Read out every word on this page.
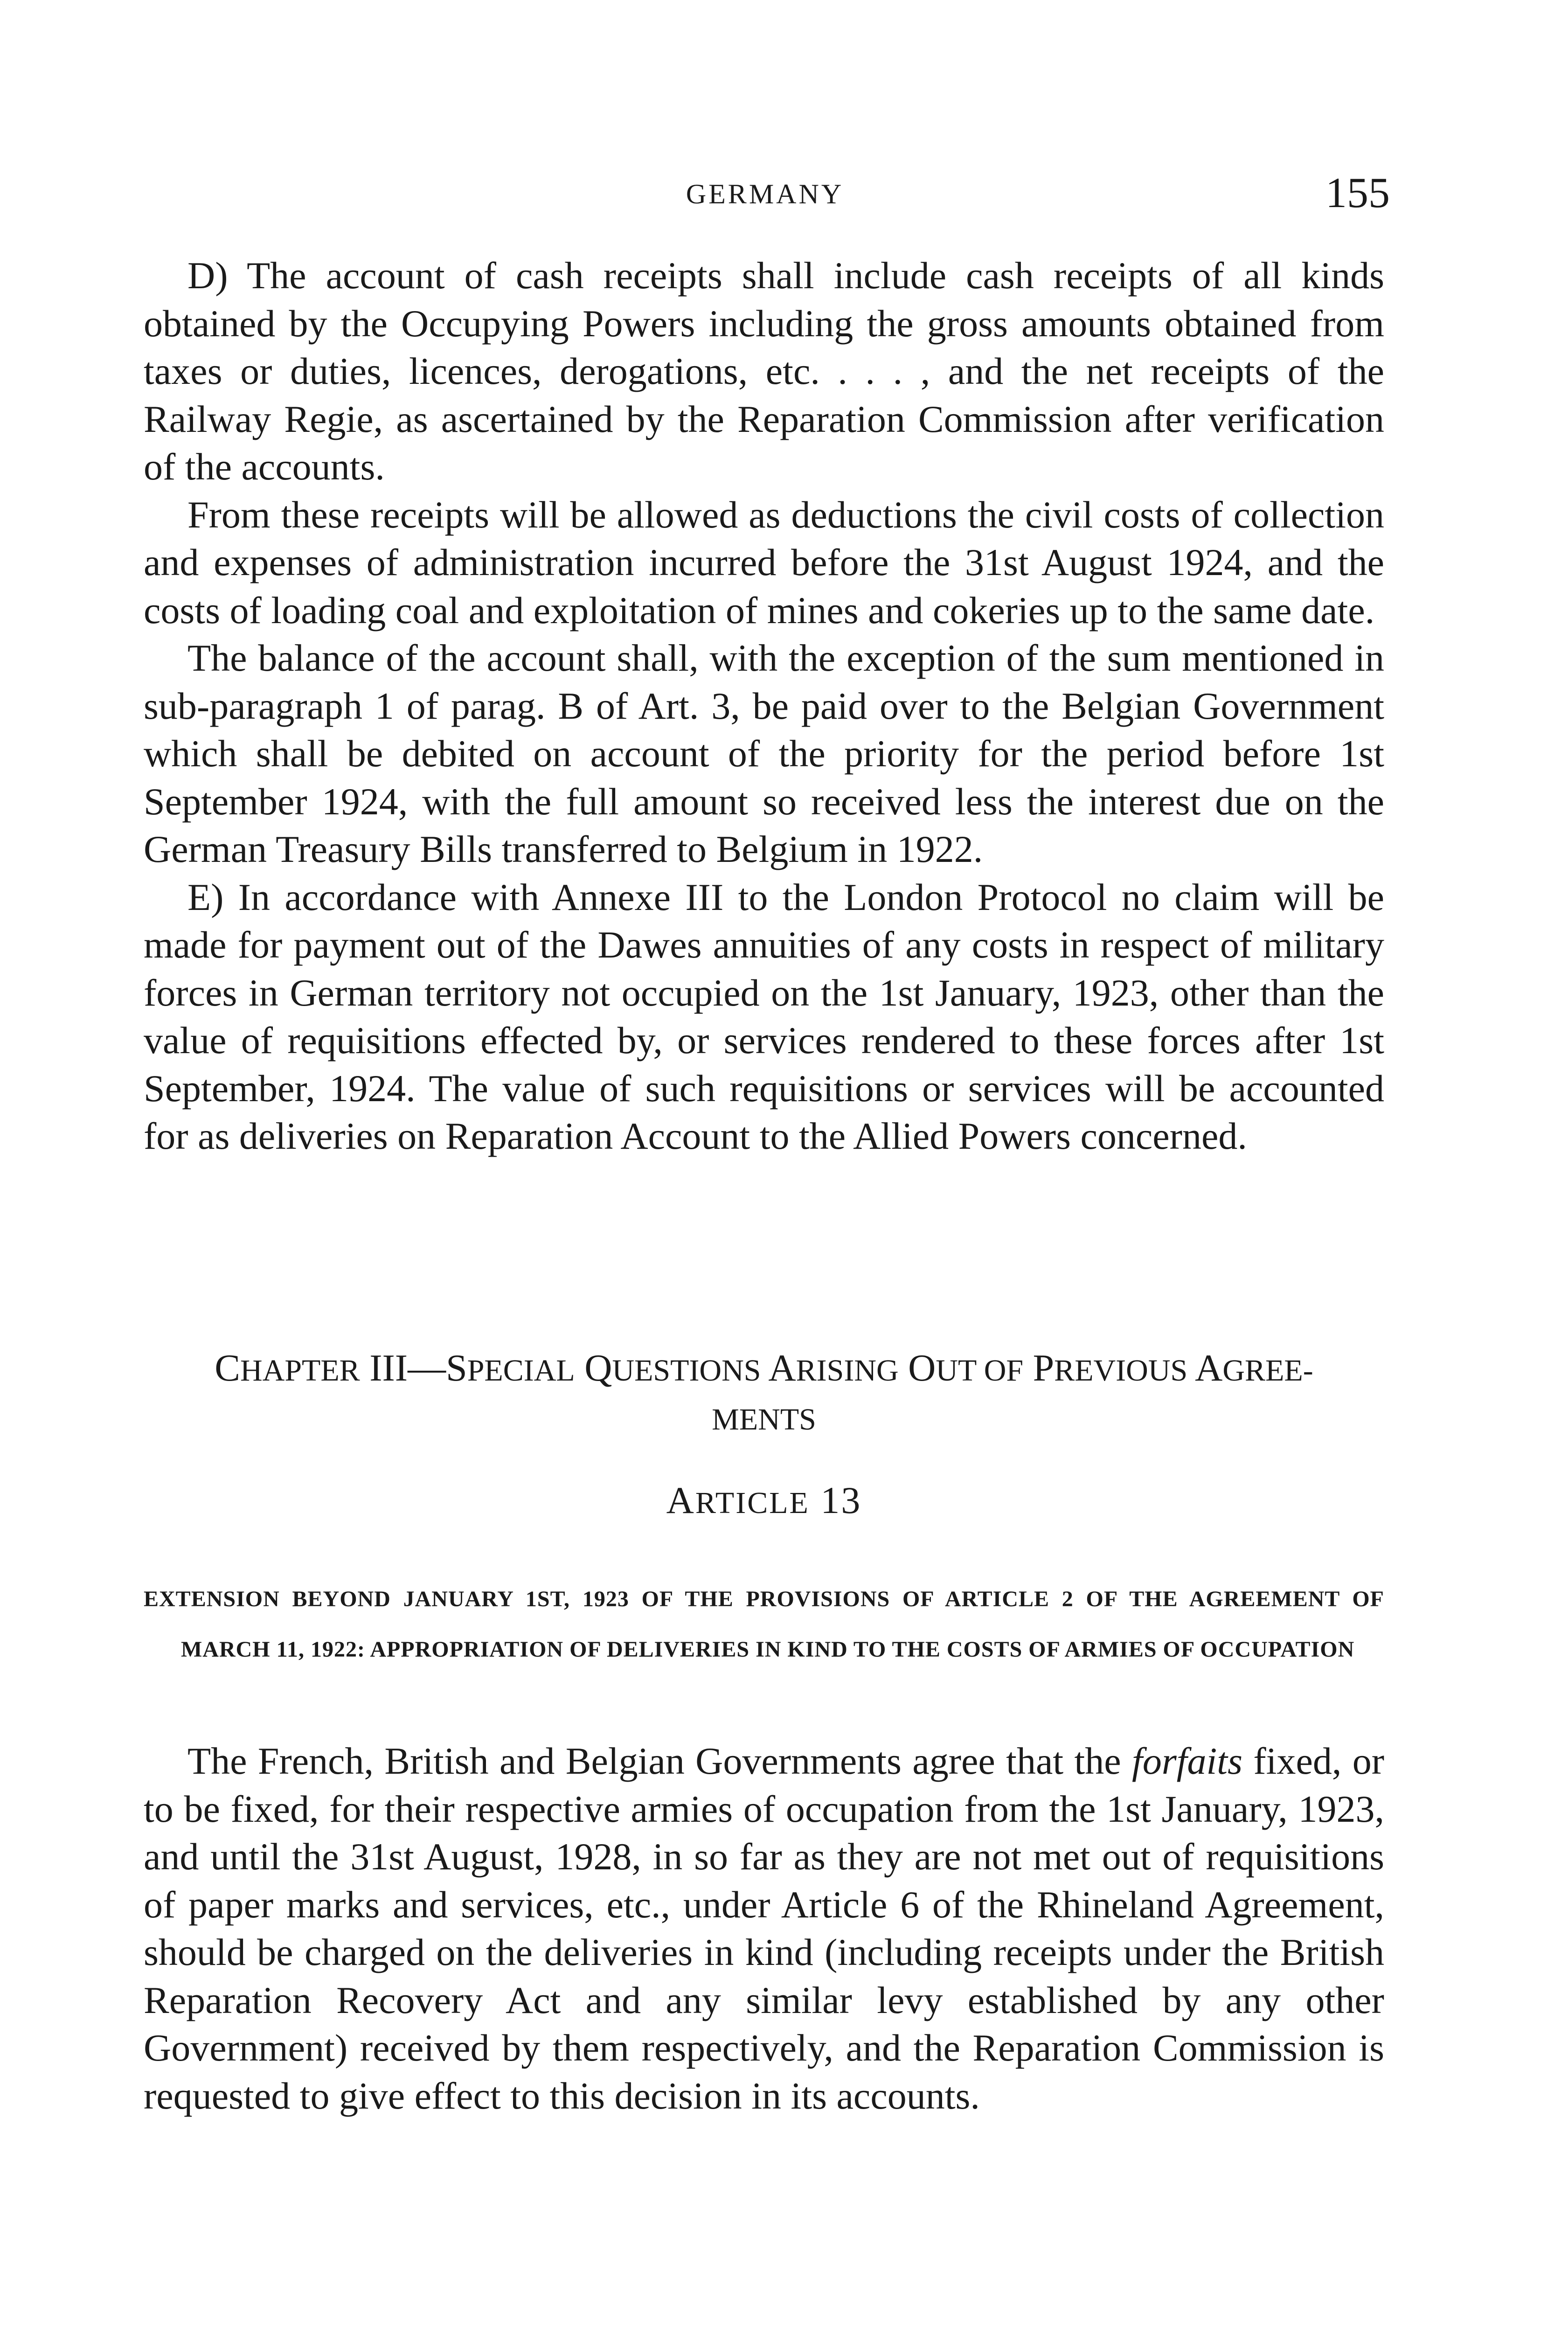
GERMANY	155

D) The account of cash receipts shall include cash receipts of all kinds obtained by the Occupying Powers including the gross amounts obtained from taxes or duties, licences, derogations, etc. . . . , and the net receipts of the Railway Regie, as ascertained by the Reparation Commission after verification of the accounts.

From these receipts will be allowed as deductions the civil costs of collection and expenses of administration incurred before the 31st August 1924, and the costs of loading coal and exploitation of mines and cokeries up to the same date.

The balance of the account shall, with the exception of the sum mentioned in sub-paragraph 1 of parag. B of Art. 3, be paid over to the Belgian Government which shall be debited on account of the priority for the period before 1st September 1924, with the full amount so received less the interest due on the German Treasury Bills transferred to Belgium in 1922.

E) In accordance with Annexe III to the London Protocol no claim will be made for payment out of the Dawes annuities of any costs in respect of military forces in German territory not occupied on the 1st January, 1923, other than the value of requisitions effected by, or services rendered to these forces after 1st September, 1924. The value of such requisitions or services will be accounted for as deliveries on Reparation Account to the Allied Powers concerned.

CHAPTER III—SPECIAL QUESTIONS ARISING OUT OF PREVIOUS AGREE-
MENTS
ARTICLE 13
EXTENSION BEYOND JANUARY 1ST, 1923 OF THE PROVISIONS OF ARTICLE 2 OF THE AGREEMENT OF MARCH 11, 1922: APPROPRIATION OF DELIVERIES IN KIND TO THE COSTS OF ARMIES OF OCCUPATION

The French, British and Belgian Governments agree that the forfaits fixed, or to be fixed, for their respective armies of occupation from the 1st January, 1923, and until the 31st August, 1928, in so far as they are not met out of requisitions of paper marks and services, etc., under Article 6 of the Rhineland Agreement, should be charged on the deliveries in kind (including receipts under the British Reparation Recovery Act and any similar levy established by any other Government) received by them respectively, and the Reparation Commission is requested to give effect to this decision in its accounts.
